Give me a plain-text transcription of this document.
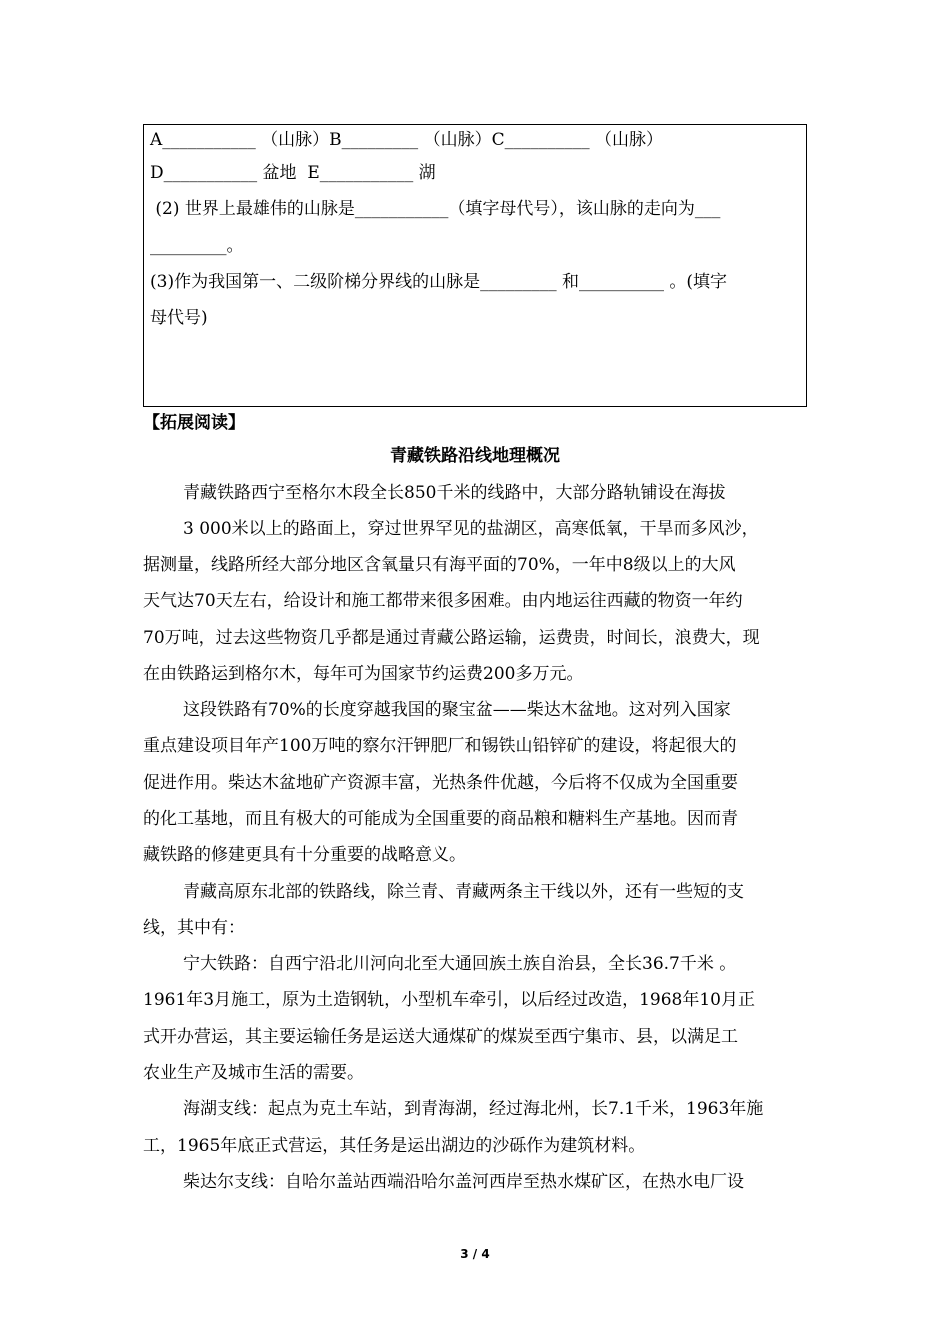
A___________ （山脉）B_________ （山脉）C__________ （山脉）
D___________ 盆地  E___________ 湖
(2) 世界上最雄伟的山脉是___________（填字母代号），该山脉的走向为___
_________。
(3)作为我国第一、二级阶梯分界线的山脉是_________ 和__________ 。(填字
母代号)
【拓展阅读】
青藏铁路沿线地理概况
青藏铁路西宁至格尔木段全长850千米的线路中，大部分路轨铺设在海拔
3 000米以上的路面上，穿过世界罕见的盐湖区，高寒低氧，干旱而多风沙，
据测量，线路所经大部分地区含氧量只有海平面的70%，一年中8级以上的大风
天气达70天左右，给设计和施工都带来很多困难。由内地运往西藏的物资一年约
70万吨，过去这些物资几乎都是通过青藏公路运输，运费贵，时间长，浪费大，现
在由铁路运到格尔木，每年可为国家节约运费200多万元。
这段铁路有70%的长度穿越我国的聚宝盆——柴达木盆地。这对列入国家
重点建设项目年产100万吨的察尔汗钾肥厂和锡铁山铅锌矿的建设，将起很大的
促进作用。柴达木盆地矿产资源丰富，光热条件优越，今后将不仅成为全国重要
的化工基地，而且有极大的可能成为全国重要的商品粮和糖料生产基地。因而青
藏铁路的修建更具有十分重要的战略意义。
青藏高原东北部的铁路线，除兰青、青藏两条主干线以外，还有一些短的支
线，其中有：
宁大铁路：自西宁沿北川河向北至大通回族土族自治县，全长36.7千米 。
1961年3月施工，原为土造钢轨，小型机车牵引，以后经过改造，1968年10月正
式开办营运，其主要运输任务是运送大通煤矿的煤炭至西宁集市、县，以满足工
农业生产及城市生活的需要。
海湖支线：起点为克土车站，到青海湖，经过海北州，长7.1千米，1963年施
工，1965年底正式营运，其任务是运出湖边的沙砾作为建筑材料。
柴达尔支线：自哈尔盖站西端沿哈尔盖河西岸至热水煤矿区，在热水电厂设
3 / 4
